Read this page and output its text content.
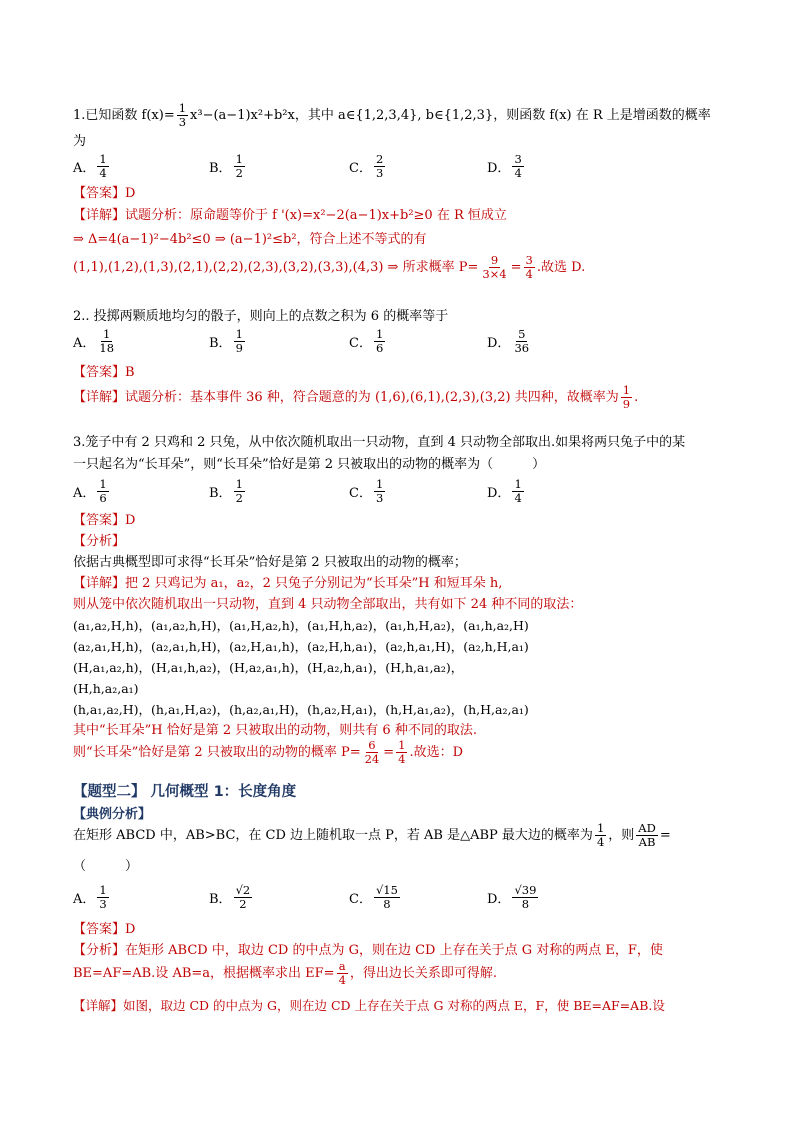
1.已知函数 $f(x)= \frac{1}{3} x^3-(a-1)x^2+b^2x$，其中 a∈{1,2,3,4}, b∈{1,2,3}，则函数 f(x) 在 R 上是增函数的概率
为
A． $\frac{1}{4}$	B． $\frac{1}{2}$	C． $\frac{2}{3}$	D． $\frac{3}{4}$
【答案】D
【详解】试题分析：原命题等价于 f '(x)=x²−2(a−1)x+b²≥0 在 R 恒成立
⇒ Δ=4(a−1)²−4b²≤0 ⇒ (a−1)²≤b²，符合上述不等式的有
(1,1),(1,2),(1,3),(2,1),(2,2),(2,3),(3,2),(3,3),(4,3) ⇒ 所求概率 $P= \frac{9}{3\times 4} = \frac{3}{4}$ .故选 D.
2.. 投掷两颗质地均匀的骰子，则向上的点数之积为 6 的概率等于
A． $\frac{1}{18}$	B． $\frac{1}{9}$	C． $\frac{1}{6}$	D． $\frac{5}{36}$
【答案】B
【详解】试题分析：基本事件 36 种，符合题意的为 (1,6),(6,1),(2,3),(3,2) 共四种，故概率为 $\frac{1}{9}$ .
3.笼子中有 2 只鸡和 2 只兔，从中依次随机取出一只动物，直到 4 只动物全部取出.如果将两只兔子中的某
一只起名为“长耳朵”，则“长耳朵”恰好是第 2 只被取出的动物的概率为（　　　）
A． $\frac{1}{6}$	B． $\frac{1}{2}$	C． $\frac{1}{3}$	D． $\frac{1}{4}$
【答案】D
【分析】
依据古典概型即可求得“长耳朵”恰好是第 2 只被取出的动物的概率；
【详解】把 2 只鸡记为 a₁，a₂，2 只兔子分别记为“长耳朵”H 和短耳朵 h,
则从笼中依次随机取出一只动物，直到 4 只动物全部取出，共有如下 24 种不同的取法：
(a₁,a₂,H,h)，(a₁,a₂,h,H)，(a₁,H,a₂,h)，(a₁,H,h,a₂)，(a₁,h,H,a₂)，(a₁,h,a₂,H)
(a₂,a₁,H,h)，(a₂,a₁,h,H)，(a₂,H,a₁,h)，(a₂,H,h,a₁)，(a₂,h,a₁,H)，(a₂,h,H,a₁)
(H,a₁,a₂,h)，(H,a₁,h,a₂)，(H,a₂,a₁,h)，(H,a₂,h,a₁)，(H,h,a₁,a₂)，
(H,h,a₂,a₁)
(h,a₁,a₂,H)，(h,a₁,H,a₂)，(h,a₂,a₁,H)，(h,a₂,H,a₁)，(h,H,a₁,a₂)，(h,H,a₂,a₁)
其中“长耳朵”H 恰好是第 2 只被取出的动物，则共有 6 种不同的取法.
则“长耳朵”恰好是第 2 只被取出的动物的概率 $P= \frac{6}{24} = \frac{1}{4}$ .故选：D
【题型二】 几何概型 1：长度角度
【典例分析】
在矩形 ABCD 中，AB>BC，在 CD 边上随机取一点 P，若 AB 是△ABP 最大边的概率为 $\frac{1}{4}$ ，则 $\frac{AD}{AB}$ =
（　　　）
A． $\frac{1}{3}$	B． $\frac{√2}{2}$	C． $\frac{√15}{8}$	D． $\frac{√39}{8}$
【答案】D
【分析】在矩形 ABCD 中，取边 CD 的中点为 G，则在边 CD 上存在关于点 G 对称的两点 E，F，使
BE=AF=AB.设 AB=a，根据概率求出 $EF= \frac{a}{4}$ ，得出边长关系即可得解.
【详解】如图，取边 CD 的中点为 G，则在边 CD 上存在关于点 G 对称的两点 E，F，使 BE=AF=AB.设
